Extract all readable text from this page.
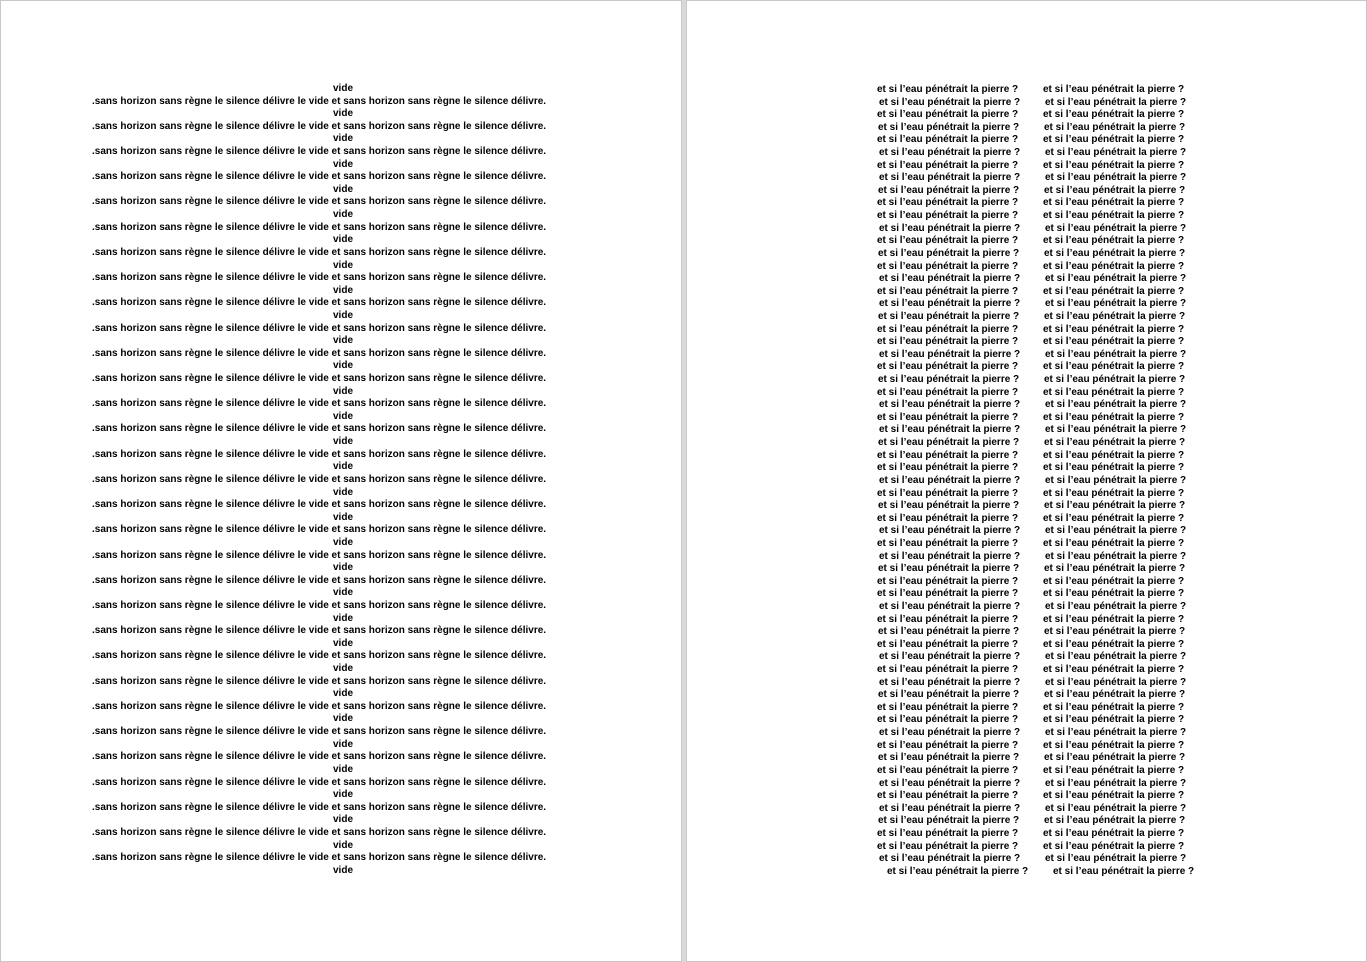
vide
.sans horizon sans règne le silence délivre le vide et sans horizon sans règne le silence délivre.
vide
.sans horizon sans règne le silence délivre le vide et sans horizon sans règne le silence délivre.
vide
.sans horizon sans règne le silence délivre le vide et sans horizon sans règne le silence délivre.
vide
.sans horizon sans règne le silence délivre le vide et sans horizon sans règne le silence délivre.
vide
.sans horizon sans règne le silence délivre le vide et sans horizon sans règne le silence délivre.
vide
.sans horizon sans règne le silence délivre le vide et sans horizon sans règne le silence délivre.
vide
.sans horizon sans règne le silence délivre le vide et sans horizon sans règne le silence délivre.
vide
.sans horizon sans règne le silence délivre le vide et sans horizon sans règne le silence délivre.
vide
.sans horizon sans règne le silence délivre le vide et sans horizon sans règne le silence délivre.
vide
.sans horizon sans règne le silence délivre le vide et sans horizon sans règne le silence délivre.
vide
.sans horizon sans règne le silence délivre le vide et sans horizon sans règne le silence délivre.
vide
.sans horizon sans règne le silence délivre le vide et sans horizon sans règne le silence délivre.
vide
.sans horizon sans règne le silence délivre le vide et sans horizon sans règne le silence délivre.
vide
.sans horizon sans règne le silence délivre le vide et sans horizon sans règne le silence délivre.
vide
.sans horizon sans règne le silence délivre le vide et sans horizon sans règne le silence délivre.
vide
.sans horizon sans règne le silence délivre le vide et sans horizon sans règne le silence délivre.
vide
.sans horizon sans règne le silence délivre le vide et sans horizon sans règne le silence délivre.
vide
.sans horizon sans règne le silence délivre le vide et sans horizon sans règne le silence délivre.
vide
.sans horizon sans règne le silence délivre le vide et sans horizon sans règne le silence délivre.
vide
.sans horizon sans règne le silence délivre le vide et sans horizon sans règne le silence délivre.
vide
.sans horizon sans règne le silence délivre le vide et sans horizon sans règne le silence délivre.
vide
.sans horizon sans règne le silence délivre le vide et sans horizon sans règne le silence délivre.
vide
.sans horizon sans règne le silence délivre le vide et sans horizon sans règne le silence délivre.
vide
.sans horizon sans règne le silence délivre le vide et sans horizon sans règne le silence délivre.
vide
.sans horizon sans règne le silence délivre le vide et sans horizon sans règne le silence délivre.
vide
.sans horizon sans règne le silence délivre le vide et sans horizon sans règne le silence délivre.
vide
.sans horizon sans règne le silence délivre le vide et sans horizon sans règne le silence délivre.
vide
.sans horizon sans règne le silence délivre le vide et sans horizon sans règne le silence délivre.
vide
.sans horizon sans règne le silence délivre le vide et sans horizon sans règne le silence délivre.
vide
.sans horizon sans règne le silence délivre le vide et sans horizon sans règne le silence délivre.
vide
.sans horizon sans règne le silence délivre le vide et sans horizon sans règne le silence délivre.
vide
et si l’eau pénétrait la pierre ? et si l’eau pénétrait la pierre ?
et si l’eau pénétrait la pierre ? et si l’eau pénétrait la pierre ?
et si l’eau pénétrait la pierre ? et si l’eau pénétrait la pierre ?
et si l’eau pénétrait la pierre ? et si l’eau pénétrait la pierre ?
et si l’eau pénétrait la pierre ? et si l’eau pénétrait la pierre ?
et si l’eau pénétrait la pierre ? et si l’eau pénétrait la pierre ?
et si l’eau pénétrait la pierre ? et si l’eau pénétrait la pierre ?
et si l’eau pénétrait la pierre ? et si l’eau pénétrait la pierre ?
et si l’eau pénétrait la pierre ? et si l’eau pénétrait la pierre ?
et si l’eau pénétrait la pierre ? et si l’eau pénétrait la pierre ?
et si l’eau pénétrait la pierre ? et si l’eau pénétrait la pierre ?
et si l’eau pénétrait la pierre ? et si l’eau pénétrait la pierre ?
et si l’eau pénétrait la pierre ? et si l’eau pénétrait la pierre ?
et si l’eau pénétrait la pierre ? et si l’eau pénétrait la pierre ?
et si l’eau pénétrait la pierre ? et si l’eau pénétrait la pierre ?
et si l’eau pénétrait la pierre ? et si l’eau pénétrait la pierre ?
et si l’eau pénétrait la pierre ? et si l’eau pénétrait la pierre ?
et si l’eau pénétrait la pierre ? et si l’eau pénétrait la pierre ?
et si l’eau pénétrait la pierre ? et si l’eau pénétrait la pierre ?
et si l’eau pénétrait la pierre ? et si l’eau pénétrait la pierre ?
et si l’eau pénétrait la pierre ? et si l’eau pénétrait la pierre ?
et si l’eau pénétrait la pierre ? et si l’eau pénétrait la pierre ?
et si l’eau pénétrait la pierre ? et si l’eau pénétrait la pierre ?
et si l’eau pénétrait la pierre ? et si l’eau pénétrait la pierre ?
et si l’eau pénétrait la pierre ? et si l’eau pénétrait la pierre ?
et si l’eau pénétrait la pierre ? et si l’eau pénétrait la pierre ?
et si l’eau pénétrait la pierre ? et si l’eau pénétrait la pierre ?
et si l’eau pénétrait la pierre ? et si l’eau pénétrait la pierre ?
et si l’eau pénétrait la pierre ? et si l’eau pénétrait la pierre ?
et si l’eau pénétrait la pierre ? et si l’eau pénétrait la pierre ?
et si l’eau pénétrait la pierre ? et si l’eau pénétrait la pierre ?
et si l’eau pénétrait la pierre ? et si l’eau pénétrait la pierre ?
et si l’eau pénétrait la pierre ? et si l’eau pénétrait la pierre ?
et si l’eau pénétrait la pierre ? et si l’eau pénétrait la pierre ?
et si l’eau pénétrait la pierre ? et si l’eau pénétrait la pierre ?
et si l’eau pénétrait la pierre ? et si l’eau pénétrait la pierre ?
et si l’eau pénétrait la pierre ? et si l’eau pénétrait la pierre ?
et si l’eau pénétrait la pierre ? et si l’eau pénétrait la pierre ?
et si l’eau pénétrait la pierre ? et si l’eau pénétrait la pierre ?
et si l’eau pénétrait la pierre ? et si l’eau pénétrait la pierre ?
et si l’eau pénétrait la pierre ? et si l’eau pénétrait la pierre ?
et si l’eau pénétrait la pierre ? et si l’eau pénétrait la pierre ?
et si l’eau pénétrait la pierre ? et si l’eau pénétrait la pierre ?
et si l’eau pénétrait la pierre ? et si l’eau pénétrait la pierre ?
et si l’eau pénétrait la pierre ? et si l’eau pénétrait la pierre ?
et si l’eau pénétrait la pierre ? et si l’eau pénétrait la pierre ?
et si l’eau pénétrait la pierre ? et si l’eau pénétrait la pierre ?
et si l’eau pénétrait la pierre ? et si l’eau pénétrait la pierre ?
et si l’eau pénétrait la pierre ? et si l’eau pénétrait la pierre ?
et si l’eau pénétrait la pierre ? et si l’eau pénétrait la pierre ?
et si l’eau pénétrait la pierre ? et si l’eau pénétrait la pierre ?
et si l’eau pénétrait la pierre ? et si l’eau pénétrait la pierre ?
et si l’eau pénétrait la pierre ? et si l’eau pénétrait la pierre ?
et si l’eau pénétrait la pierre ? et si l’eau pénétrait la pierre ?
et si l’eau pénétrait la pierre ? et si l’eau pénétrait la pierre ?
et si l’eau pénétrait la pierre ? et si l’eau pénétrait la pierre ?
et si l’eau pénétrait la pierre ? et si l’eau pénétrait la pierre ?
et si l’eau pénétrait la pierre ? et si l’eau pénétrait la pierre ?
et si l’eau pénétrait la pierre ? et si l’eau pénétrait la pierre ?
et si l’eau pénétrait la pierre ? et si l’eau pénétrait la pierre ?
et si l’eau pénétrait la pierre ? et si l’eau pénétrait la pierre ?
et si l’eau pénétrait la pierre ? et si l’eau pénétrait la pierre ?
et si l’eau pénétrait la pierre ? et si l’eau pénétrait la pierre ?
